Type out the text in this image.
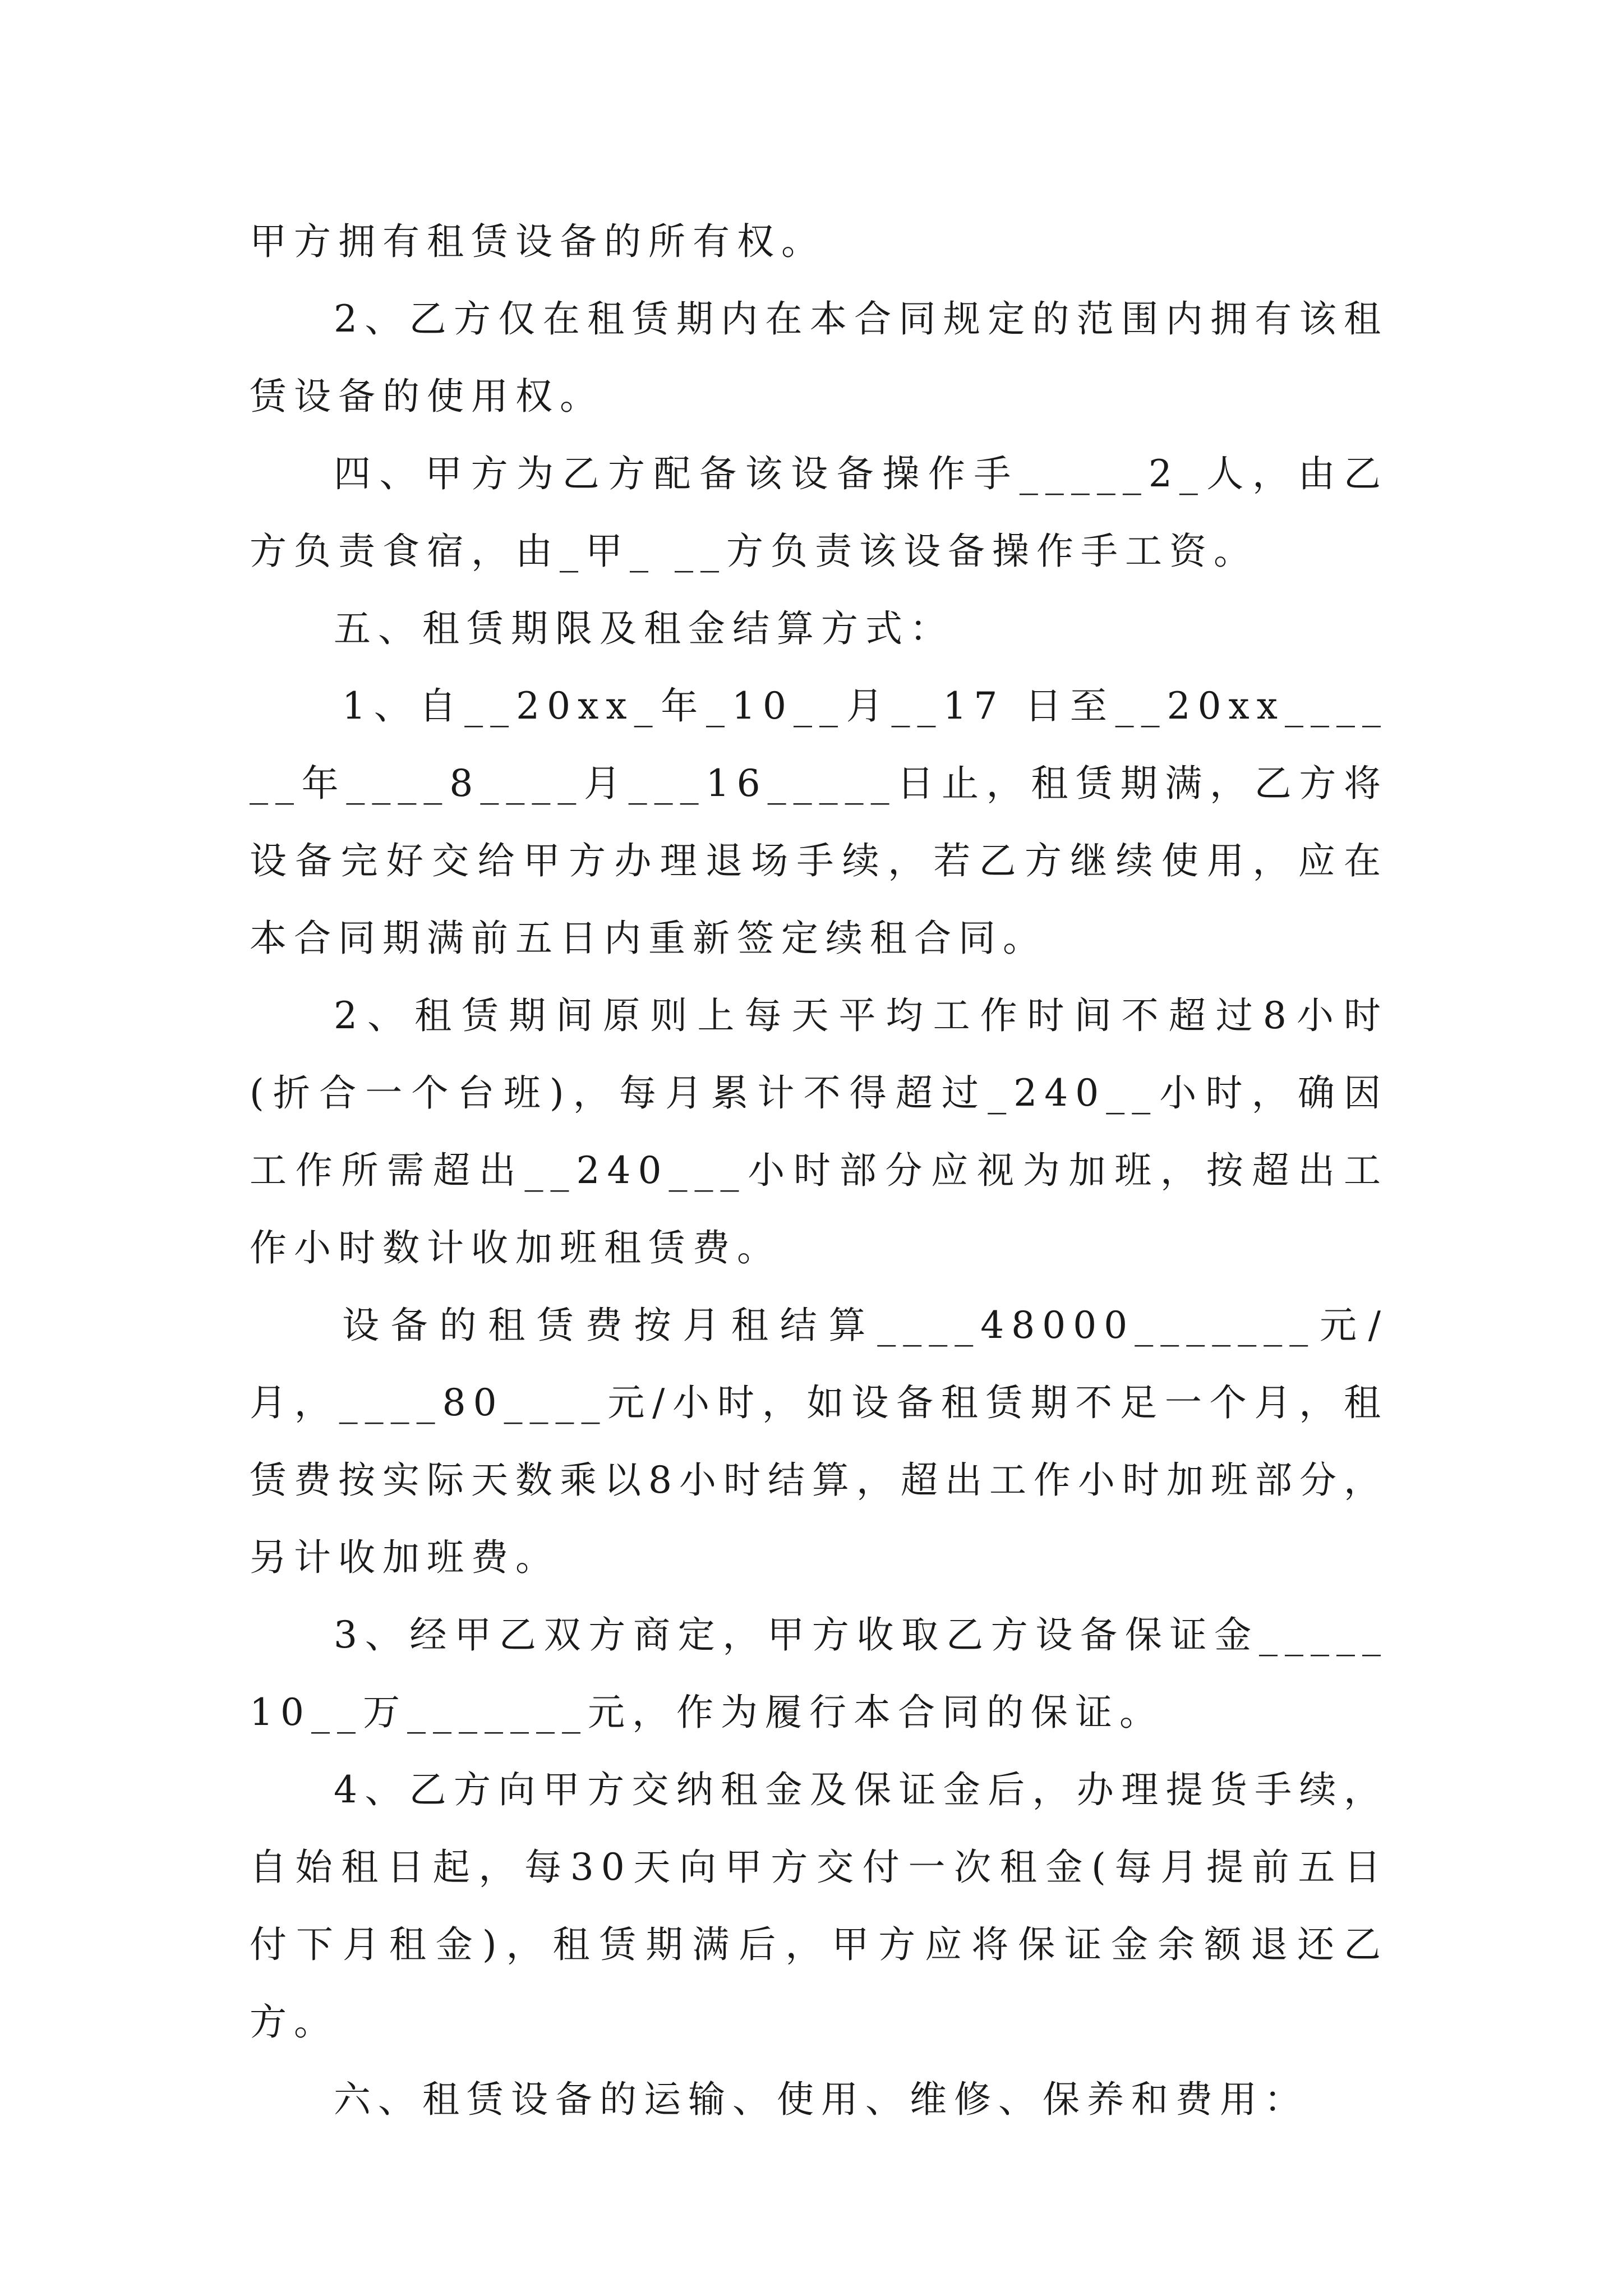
甲方拥有租赁设备的所有权。

2、乙方仅在租赁期内在本合同规定的范围内拥有该租赁设备的使用权。

四、甲方为乙方配备该设备操作手_____2_人，由乙方负责食宿，由_甲_ __方负责该设备操作手工资。

五、租赁期限及租金结算方式：

1、自__20xx_年_10__月__17 日至__20xx______年____8____月___16_____日止，租赁期满，乙方将设备完好交给甲方办理退场手续，若乙方继续使用，应在本合同期满前五日内重新签定续租合同。

2、租赁期间原则上每天平均工作时间不超过8小时(折合一个台班)，每月累计不得超过_240__小时，确因工作所需超出__240___小时部分应视为加班，按超出工作小时数计收加班租赁费。

设备的租赁费按月租结算____48000_______元/月，____80____元/小时，如设备租赁期不足一个月，租赁费按实际天数乘以8小时结算，超出工作小时加班部分，另计收加班费。

3、经甲乙双方商定，甲方收取乙方设备保证金_____10__万_______元，作为履行本合同的保证。

4、乙方向甲方交纳租金及保证金后，办理提货手续，自始租日起，每30天向甲方交付一次租金(每月提前五日付下月租金)，租赁期满后，甲方应将保证金余额退还乙方。

六、租赁设备的运输、使用、维修、保养和费用：
